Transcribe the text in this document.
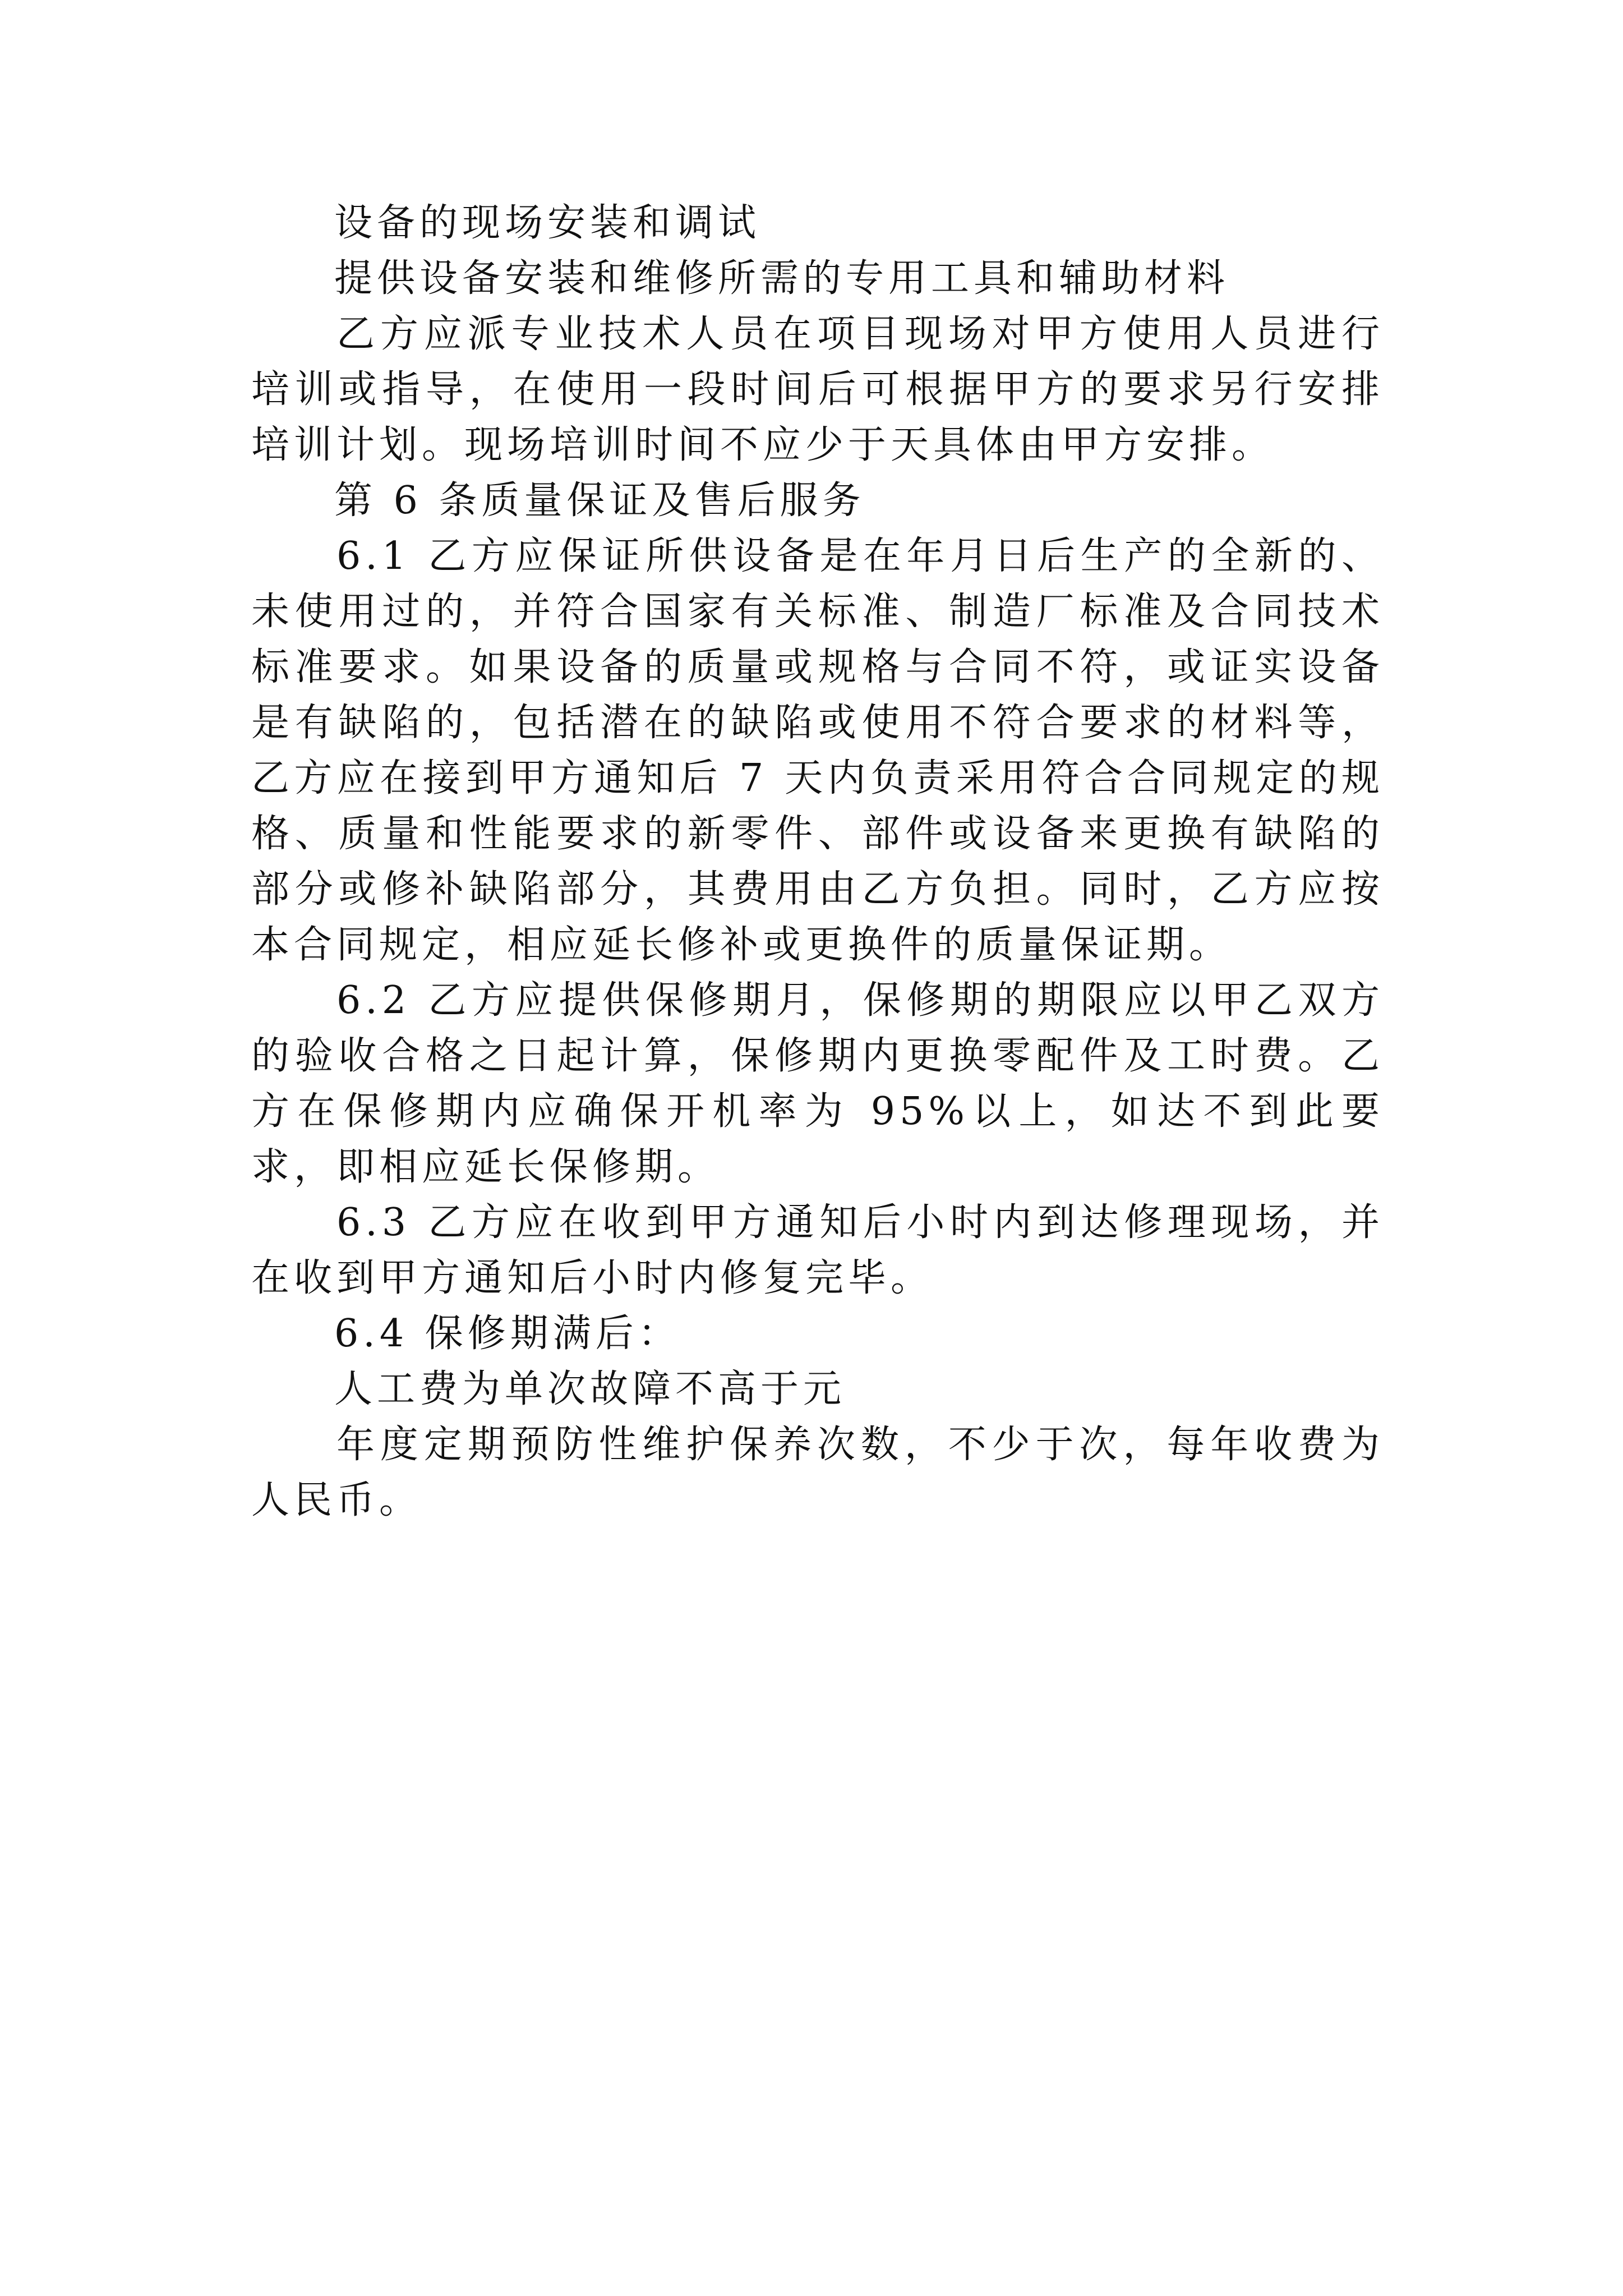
设备的现场安装和调试

提供设备安装和维修所需的专用工具和辅助材料

乙方应派专业技术人员在项目现场对甲方使用人员进行培训或指导，在使用一段时间后可根据甲方的要求另行安排培训计划。现场培训时间不应少于天具体由甲方安排。

第 6 条质量保证及售后服务

6.1 乙方应保证所供设备是在年月日后生产的全新的、未使用过的，并符合国家有关标准、制造厂标准及合同技术标准要求。如果设备的质量或规格与合同不符，或证实设备是有缺陷的，包括潜在的缺陷或使用不符合要求的材料等，乙方应在接到甲方通知后 7 天内负责采用符合合同规定的规格、质量和性能要求的新零件、部件或设备来更换有缺陷的部分或修补缺陷部分，其费用由乙方负担。同时，乙方应按本合同规定，相应延长修补或更换件的质量保证期。

6.2 乙方应提供保修期月，保修期的期限应以甲乙双方的验收合格之日起计算，保修期内更换零配件及工时费。乙方在保修期内应确保开机率为 95%以上，如达不到此要求，即相应延长保修期。

6.3 乙方应在收到甲方通知后小时内到达修理现场，并在收到甲方通知后小时内修复完毕。

6.4 保修期满后：

人工费为单次故障不高于元

年度定期预防性维护保养次数，不少于次，每年收费为人民币。
